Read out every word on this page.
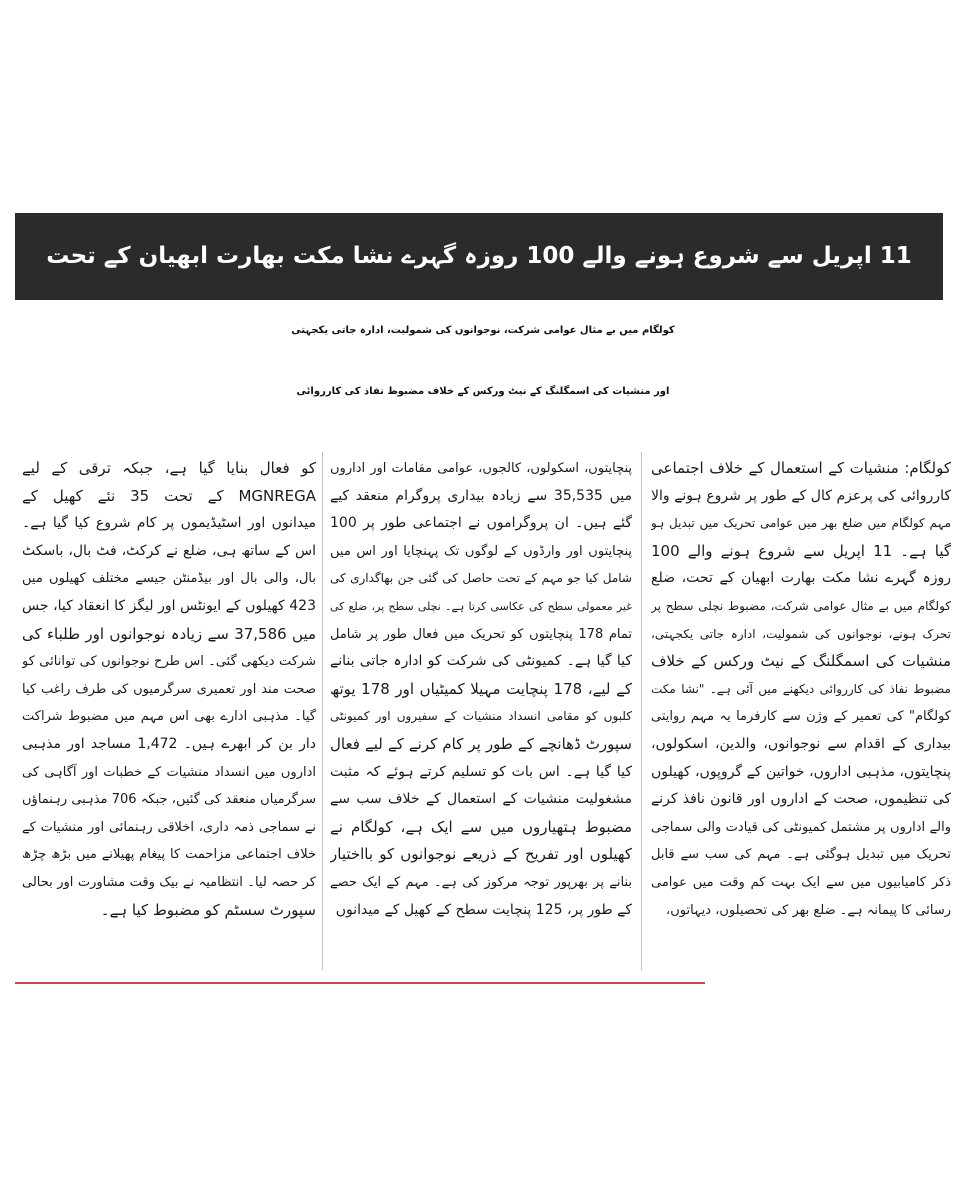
11 اپریل سے شروع ہونے والے 100 روزہ گہرے نشا مکت بھارت ابھیان کے تحت
کولگام میں بے مثال عوامی شرکت، نوجوانوں کی شمولیت، ادارہ جاتی یکجہتی
اور منشیات کی اسمگلنگ کے نیٹ ورکس کے خلاف مضبوط نفاذ کی کارروائی
کولگام: منشیات کے استعمال کے خلاف اجتماعی
کارروائی کی پرعزم کال کے طور پر شروع ہونے والا
مہم کولگام میں ضلع بھر میں عوامی تحریک میں تبدیل ہو
گیا ہے۔ 11 اپریل سے شروع ہونے والے 100
روزہ گہرے نشا مکت بھارت ابھیان کے تحت، ضلع
کولگام میں بے مثال عوامی شرکت، مضبوط نچلی سطح پر
تحرک ہونے، نوجوانوں کی شمولیت، ادارہ جاتی یکجہتی،
منشیات کی اسمگلنگ کے نیٹ ورکس کے خلاف
مضبوط نفاذ کی کارروائی دیکھنے میں آئی ہے۔ "نشا مکت
کولگام" کی تعمیر کے وژن سے کارفرما یہ مہم روایتی
بیداری کے اقدام سے نوجوانوں، والدین، اسکولوں،
پنچایتوں، مذہبی اداروں، خواتین کے گروپوں، کھیلوں
کی تنظیموں، صحت کے اداروں اور قانون نافذ کرنے
والے اداروں پر مشتمل کمیونٹی کی قیادت والی سماجی
تحریک میں تبدیل ہوگئی ہے۔ مہم کی سب سے قابل
ذکر کامیابیوں میں سے ایک بہت کم وقت میں عوامی
رسائی کا پیمانہ ہے۔ ضلع بھر کی تحصیلوں، دیہاتوں،
پنچایتوں، اسکولوں، کالجوں، عوامی مقامات اور اداروں
میں 35,535 سے زیادہ بیداری پروگرام منعقد کیے
گئے ہیں۔ ان پروگراموں نے اجتماعی طور پر 100
پنچایتوں اور وارڈوں کے لوگوں تک پہنچایا اور اس میں
شامل کیا جو مہم کے تحت حاصل کی گئی جن بھاگداری کی
غیر معمولی سطح کی عکاسی کرتا ہے۔ نچلی سطح پر، ضلع کی
تمام 178 پنچایتوں کو تحریک میں فعال طور پر شامل
کیا گیا ہے۔ کمیونٹی کی شرکت کو ادارہ جاتی بنانے
کے لیے، 178 پنچایت مہیلا کمیٹیاں اور 178 یوتھ
کلبوں کو مقامی انسداد منشیات کے سفیروں اور کمیونٹی
سپورٹ ڈھانچے کے طور پر کام کرنے کے لیے فعال
کیا گیا ہے۔ اس بات کو تسلیم کرتے ہوئے کہ مثبت
مشغولیت منشیات کے استعمال کے خلاف سب سے
مضبوط ہتھیاروں میں سے ایک ہے، کولگام نے
کھیلوں اور تفریح کے ذریعے نوجوانوں کو بااختیار
بنانے پر بھرپور توجہ مرکوز کی ہے۔ مہم کے ایک حصے
کے طور پر، 125 پنچایت سطح کے کھیل کے میدانوں
کو فعال بنایا گیا ہے، جبکہ ترقی کے لیے
MGNREGA کے تحت 35 نئے کھیل کے
میدانوں اور اسٹیڈیموں پر کام شروع کیا گیا ہے۔
اس کے ساتھ ہی، ضلع نے کرکٹ، فٹ بال، باسکٹ
بال، والی بال اور بیڈمنٹن جیسے مختلف کھیلوں میں
423 کھیلوں کے ایونٹس اور لیگز کا انعقاد کیا، جس
میں 37,586 سے زیادہ نوجوانوں اور طلباء کی
شرکت دیکھی گئی۔ اس طرح نوجوانوں کی توانائی کو
صحت مند اور تعمیری سرگرمیوں کی طرف راغب کیا
گیا۔ مذہبی ادارے بھی اس مہم میں مضبوط شراکت
دار بن کر ابھرے ہیں۔ 1,472 مساجد اور مذہبی
اداروں میں انسداد منشیات کے خطبات اور آگاہی کی
سرگرمیاں منعقد کی گئیں، جبکہ 706 مذہبی رہنماؤں
نے سماجی ذمہ داری، اخلاقی رہنمائی اور منشیات کے
خلاف اجتماعی مزاحمت کا پیغام پھیلانے میں بڑھ چڑھ
کر حصہ لیا۔ انتظامیہ نے بیک وقت مشاورت اور بحالی
سپورٹ سسٹم کو مضبوط کیا ہے۔
